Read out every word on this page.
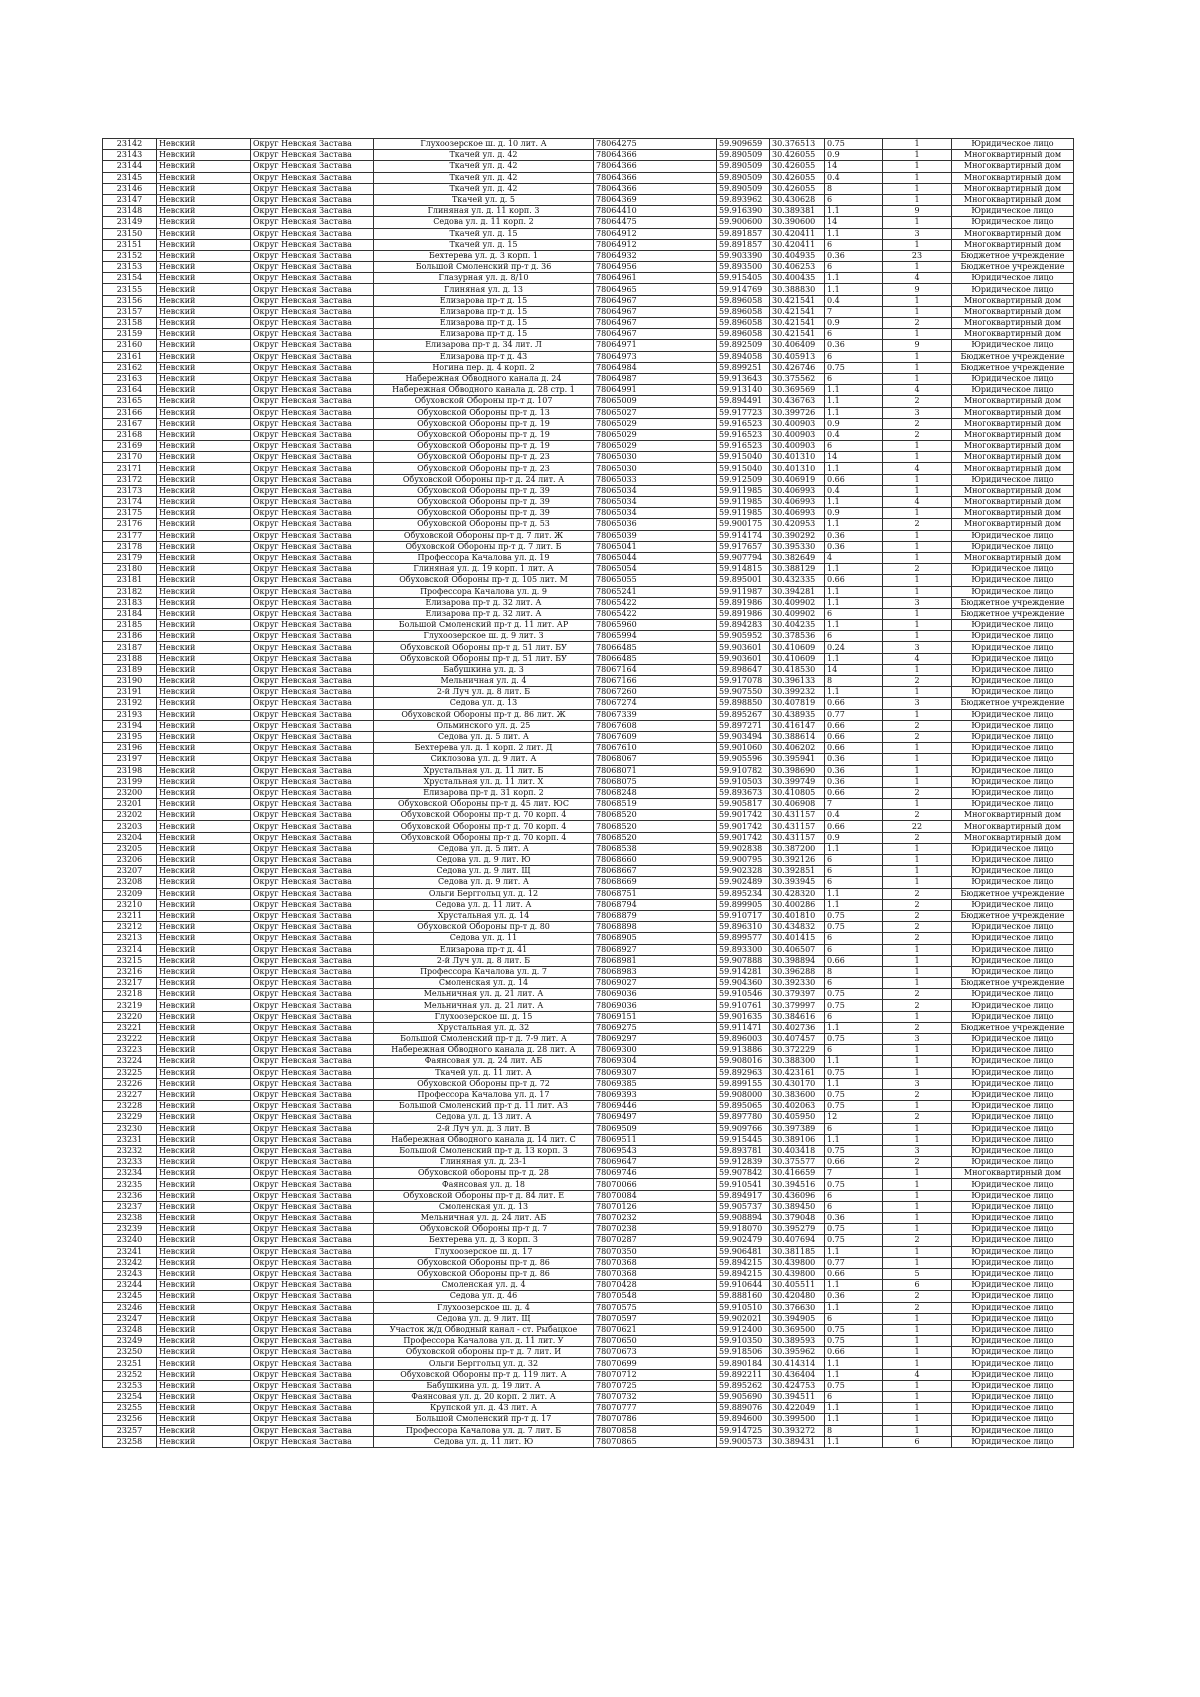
23142	Невский	Округ Невская Застава	Глухоозерское ш. д. 10 лит. А	78064275	59.909659	30.376513	0.75	1	Юридическое лицо
23143	Невский	Округ Невская Застава	Ткачей ул. д. 42	78064366	59.890509	30.426055	0.9	1	Многоквартирный дом
23144	Невский	Округ Невская Застава	Ткачей ул. д. 42	78064366	59.890509	30.426055	14	1	Многоквартирный дом
23145	Невский	Округ Невская Застава	Ткачей ул. д. 42	78064366	59.890509	30.426055	0.4	1	Многоквартирный дом
23146	Невский	Округ Невская Застава	Ткачей ул. д. 42	78064366	59.890509	30.426055	8	1	Многоквартирный дом
23147	Невский	Округ Невская Застава	Ткачей ул. д. 5	78064369	59.893962	30.430628	6	1	Многоквартирный дом
23148	Невский	Округ Невская Застава	Глиняная ул. д. 11 корп. 3	78064410	59.916390	30.389381	1.1	9	Юридическое лицо
23149	Невский	Округ Невская Застава	Седова ул. д. 11 корп. 2	78064475	59.900600	30.390600	14	1	Юридическое лицо
23150	Невский	Округ Невская Застава	Ткачей ул. д. 15	78064912	59.891857	30.420411	1.1	3	Многоквартирный дом
23151	Невский	Округ Невская Застава	Ткачей ул. д. 15	78064912	59.891857	30.420411	6	1	Многоквартирный дом
23152	Невский	Округ Невская Застава	Бехтерева ул. д. 3 корп. 1	78064932	59.903390	30.404935	0.36	23	Бюджетное учреждение
23153	Невский	Округ Невская Застава	Большой Смоленский пр-т д. 36	78064956	59.893500	30.406253	6	1	Бюджетное учреждение
23154	Невский	Округ Невская Застава	Глазурная ул. д. 8/10	78064961	59.915405	30.400435	1.1	4	Юридическое лицо
23155	Невский	Округ Невская Застава	Глиняная ул. д. 13	78064965	59.914769	30.388830	1.1	9	Юридическое лицо
23156	Невский	Округ Невская Застава	Елизарова пр-т д. 15	78064967	59.896058	30.421541	0.4	1	Многоквартирный дом
23157	Невский	Округ Невская Застава	Елизарова пр-т д. 15	78064967	59.896058	30.421541	7	1	Многоквартирный дом
23158	Невский	Округ Невская Застава	Елизарова пр-т д. 15	78064967	59.896058	30.421541	0.9	2	Многоквартирный дом
23159	Невский	Округ Невская Застава	Елизарова пр-т д. 15	78064967	59.896058	30.421541	6	1	Многоквартирный дом
23160	Невский	Округ Невская Застава	Елизарова пр-т д. 34 лит. Л	78064971	59.892509	30.406409	0.36	9	Юридическое лицо
23161	Невский	Округ Невская Застава	Елизарова пр-т д. 43	78064973	59.894058	30.405913	6	1	Бюджетное учреждение
23162	Невский	Округ Невская Застава	Ногина пер. д. 4 корп. 2	78064984	59.899251	30.426746	0.75	1	Бюджетное учреждение
23163	Невский	Округ Невская Застава	Набережная Обводного канала д. 24	78064987	59.913643	30.375562	6	1	Юридическое лицо
23164	Невский	Округ Невская Застава	Набережная Обводного канала д. 28 стр. 1	78064991	59.913140	30.369569	1.1	4	Юридическое лицо
23165	Невский	Округ Невская Застава	Обуховской Обороны пр-т д. 107	78065009	59.894491	30.436763	1.1	2	Многоквартирный дом
23166	Невский	Округ Невская Застава	Обуховской Обороны пр-т д. 13	78065027	59.917723	30.399726	1.1	3	Многоквартирный дом
23167	Невский	Округ Невская Застава	Обуховской Обороны пр-т д. 19	78065029	59.916523	30.400903	0.9	2	Многоквартирный дом
23168	Невский	Округ Невская Застава	Обуховской Обороны пр-т д. 19	78065029	59.916523	30.400903	0.4	2	Многоквартирный дом
23169	Невский	Округ Невская Застава	Обуховской Обороны пр-т д. 19	78065029	59.916523	30.400903	6	1	Многоквартирный дом
23170	Невский	Округ Невская Застава	Обуховской Обороны пр-т д. 23	78065030	59.915040	30.401310	14	1	Многоквартирный дом
23171	Невский	Округ Невская Застава	Обуховской Обороны пр-т д. 23	78065030	59.915040	30.401310	1.1	4	Многоквартирный дом
23172	Невский	Округ Невская Застава	Обуховской Обороны пр-т д. 24 лит. А	78065033	59.912509	30.406919	0.66	1	Юридическое лицо
23173	Невский	Округ Невская Застава	Обуховской Обороны пр-т д. 39	78065034	59.911985	30.406993	0.4	1	Многоквартирный дом
23174	Невский	Округ Невская Застава	Обуховской Обороны пр-т д. 39	78065034	59.911985	30.406993	1.1	4	Многоквартирный дом
23175	Невский	Округ Невская Застава	Обуховской Обороны пр-т д. 39	78065034	59.911985	30.406993	0.9	1	Многоквартирный дом
23176	Невский	Округ Невская Застава	Обуховской Обороны пр-т д. 53	78065036	59.900175	30.420953	1.1	2	Многоквартирный дом
23177	Невский	Округ Невская Застава	Обуховской Обороны пр-т д. 7 лит. Ж	78065039	59.914174	30.390292	0.36	1	Юридическое лицо
23178	Невский	Округ Невская Застава	Обуховской Обороны пр-т д. 7 лит. Б	78065041	59.917657	30.395330	0.36	1	Юридическое лицо
23179	Невский	Округ Невская Застава	Профессора Качалова ул. д. 19	78065044	59.907794	30.382649	4	1	Многоквартирный дом
23180	Невский	Округ Невская Застава	Глиняная ул. д. 19 корп. 1 лит. А	78065054	59.914815	30.388129	1.1	2	Юридическое лицо
23181	Невский	Округ Невская Застава	Обуховской Обороны пр-т д. 105 лит. М	78065055	59.895001	30.432335	0.66	1	Юридическое лицо
23182	Невский	Округ Невская Застава	Профессора Качалова ул. д. 9	78065241	59.911987	30.394281	1.1	1	Юридическое лицо
23183	Невский	Округ Невская Застава	Елизарова пр-т д. 32 лит. А	78065422	59.891986	30.409902	1.1	3	Бюджетное учреждение
23184	Невский	Округ Невская Застава	Елизарова пр-т д. 32 лит. А	78065422	59.891986	30.409902	6	1	Бюджетное учреждение
23185	Невский	Округ Невская Застава	Большой Смоленский пр-т д. 11 лит. АР	78065960	59.894283	30.404235	1.1	1	Юридическое лицо
23186	Невский	Округ Невская Застава	Глухоозерское ш. д. 9 лит. З	78065994	59.905952	30.378536	6	1	Юридическое лицо
23187	Невский	Округ Невская Застава	Обуховской Обороны пр-т д. 51 лит. БУ	78066485	59.903601	30.410609	0.24	3	Юридическое лицо
23188	Невский	Округ Невская Застава	Обуховской Обороны пр-т д. 51 лит. БУ	78066485	59.903601	30.410609	1.1	4	Юридическое лицо
23189	Невский	Округ Невская Застава	Бабушкина ул. д. 3	78067164	59.898647	30.418530	14	1	Юридическое лицо
23190	Невский	Округ Невская Застава	Мельничная ул. д. 4	78067166	59.917078	30.396133	8	2	Юридическое лицо
23191	Невский	Округ Невская Застава	2-й Луч ул. д. 8 лит. Б	78067260	59.907550	30.399232	1.1	1	Юридическое лицо
23192	Невский	Округ Невская Застава	Седова ул. д. 13	78067274	59.898850	30.407819	0.66	3	Бюджетное учреждение
23193	Невский	Округ Невская Застава	Обуховской Обороны пр-т д. 86 лит. Ж	78067339	59.895267	30.438935	0.77	1	Юридическое лицо
23194	Невский	Округ Невская Застава	Ольминского ул. д. 25	78067608	59.897271	30.416147	0.66	2	Юридическое лицо
23195	Невский	Округ Невская Застава	Седова ул. д. 5 лит. А	78067609	59.903494	30.388614	0.66	2	Юридическое лицо
23196	Невский	Округ Невская Застава	Бехтерева ул. д. 1 корп. 2 лит. Д	78067610	59.901060	30.406202	0.66	1	Юридическое лицо
23197	Невский	Округ Невская Застава	Сиклозова ул. д. 9 лит. А	78068067	59.905596	30.395941	0.36	1	Юридическое лицо
23198	Невский	Округ Невская Застава	Хрустальная ул. д. 11 лит. Б	78068071	59.910782	30.398690	0.36	1	Юридическое лицо
23199	Невский	Округ Невская Застава	Хрустальная ул. д. 11 лит. Х	78068075	59.910503	30.399749	0.36	1	Юридическое лицо
23200	Невский	Округ Невская Застава	Елизарова пр-т д. 31 корп. 2	78068248	59.893673	30.410805	0.66	2	Юридическое лицо
23201	Невский	Округ Невская Застава	Обуховской Обороны пр-т д. 45 лит. ЮС	78068519	59.905817	30.406908	7	1	Юридическое лицо
23202	Невский	Округ Невская Застава	Обуховской Обороны пр-т д. 70 корп. 4	78068520	59.901742	30.431157	0.4	2	Многоквартирный дом
23203	Невский	Округ Невская Застава	Обуховской Обороны пр-т д. 70 корп. 4	78068520	59.901742	30.431157	0.66	22	Многоквартирный дом
23204	Невский	Округ Невская Застава	Обуховской Обороны пр-т д. 70 корп. 4	78068520	59.901742	30.431157	0.9	2	Многоквартирный дом
23205	Невский	Округ Невская Застава	Седова ул. д. 5 лит. А	78068538	59.902838	30.387200	1.1	1	Юридическое лицо
23206	Невский	Округ Невская Застава	Седова ул. д. 9 лит. Ю	78068660	59.900795	30.392126	6	1	Юридическое лицо
23207	Невский	Округ Невская Застава	Седова ул. д. 9 лит. Щ	78068667	59.902328	30.392851	6	1	Юридическое лицо
23208	Невский	Округ Невская Застава	Седова ул. д. 9 лит. А	78068669	59.902489	30.393945	6	1	Юридическое лицо
23209	Невский	Округ Невская Застава	Ольги Берггольц ул. д. 12	78068751	59.895234	30.428320	1.1	2	Бюджетное учреждение
23210	Невский	Округ Невская Застава	Седова ул. д. 11 лит. А	78068794	59.899905	30.400286	1.1	2	Юридическое лицо
23211	Невский	Округ Невская Застава	Хрустальная ул. д. 14	78068879	59.910717	30.401810	0.75	2	Бюджетное учреждение
23212	Невский	Округ Невская Застава	Обуховской Обороны пр-т д. 80	78068898	59.896310	30.434832	0.75	2	Юридическое лицо
23213	Невский	Округ Невская Застава	Седова ул. д. 11	78068905	59.899577	30.401415	6	2	Юридическое лицо
23214	Невский	Округ Невская Застава	Елизарова пр-т д. 41	78068927	59.893300	30.406507	6	1	Юридическое лицо
23215	Невский	Округ Невская Застава	2-й Луч ул. д. 8 лит. Б	78068981	59.907888	30.398894	0.66	1	Юридическое лицо
23216	Невский	Округ Невская Застава	Профессора Качалова ул. д. 7	78068983	59.914281	30.396288	8	1	Юридическое лицо
23217	Невский	Округ Невская Застава	Смоленская ул. д. 14	78069027	59.904360	30.392330	6	1	Бюджетное учреждение
23218	Невский	Округ Невская Застава	Мельничная ул. д. 21 лит. А	78069036	59.910546	30.379397	0.75	2	Юридическое лицо
23219	Невский	Округ Невская Застава	Мельничная ул. д. 21 лит. А	78069036	59.910761	30.379997	0.75	2	Юридическое лицо
23220	Невский	Округ Невская Застава	Глухоозерское ш. д. 15	78069151	59.901635	30.384616	6	1	Юридическое лицо
23221	Невский	Округ Невская Застава	Хрустальная ул. д. 32	78069275	59.911471	30.402736	1.1	2	Бюджетное учреждение
23222	Невский	Округ Невская Застава	Большой Смоленский пр-т д. 7-9 лит. А	78069297	59.896003	30.407457	0.75	3	Юридическое лицо
23223	Невский	Округ Невская Застава	Набережная Обводного канала д. 28 лит. А	78069300	59.913886	30.372229	6	1	Юридическое лицо
23224	Невский	Округ Невская Застава	Фаянсовая ул. д. 24 лит. АБ	78069304	59.908016	30.388300	1.1	1	Юридическое лицо
23225	Невский	Округ Невская Застава	Ткачей ул. д. 11 лит. А	78069307	59.892963	30.423161	0.75	1	Юридическое лицо
23226	Невский	Округ Невская Застава	Обуховской Обороны пр-т д. 72	78069385	59.899155	30.430170	1.1	3	Юридическое лицо
23227	Невский	Округ Невская Застава	Профессора Качалова ул. д. 17	78069393	59.908000	30.383600	0.75	2	Юридическое лицо
23228	Невский	Округ Невская Застава	Большой Смоленский пр-т д. 11 лит. АЗ	78069446	59.895065	30.402063	0.75	1	Юридическое лицо
23229	Невский	Округ Невская Застава	Седова ул. д. 13 лит. А	78069497	59.897780	30.405950	12	2	Юридическое лицо
23230	Невский	Округ Невская Застава	2-й Луч ул. д. 3 лит. В	78069509	59.909766	30.397389	6	1	Юридическое лицо
23231	Невский	Округ Невская Застава	Набережная Обводного канала д. 14 лит. С	78069511	59.915445	30.389106	1.1	1	Юридическое лицо
23232	Невский	Округ Невская Застава	Большой Смоленский пр-т д. 13 корп. 3	78069543	59.893781	30.403418	0.75	3	Юридическое лицо
23233	Невский	Округ Невская Застава	Глиняная ул. д. 23-1	78069647	59.912839	30.375577	0.66	2	Юридическое лицо
23234	Невский	Округ Невская Застава	Обуховской обороны пр-т д. 28	78069746	59.907842	30.416659	7	1	Многоквартирный дом
23235	Невский	Округ Невская Застава	Фаянсовая ул. д. 18	78070066	59.910541	30.394516	0.75	1	Юридическое лицо
23236	Невский	Округ Невская Застава	Обуховской Обороны пр-т д. 84 лит. Е	78070084	59.894917	30.436096	6	1	Юридическое лицо
23237	Невский	Округ Невская Застава	Смоленская ул. д. 13	78070126	59.905737	30.389450	6	1	Юридическое лицо
23238	Невский	Округ Невская Застава	Мельничная ул. д. 24 лит. АБ	78070232	59.908894	30.379048	0.36	1	Юридическое лицо
23239	Невский	Округ Невская Застава	Обуховской Обороны пр-т д. 7	78070238	59.918070	30.395279	0.75	1	Юридическое лицо
23240	Невский	Округ Невская Застава	Бехтерева ул. д. 3 корп. 3	78070287	59.902479	30.407694	0.75	2	Юридическое лицо
23241	Невский	Округ Невская Застава	Глухоозерское ш. д. 17	78070350	59.906481	30.381185	1.1	1	Юридическое лицо
23242	Невский	Округ Невская Застава	Обуховской Обороны пр-т д. 86	78070368	59.894215	30.439800	0.77	1	Юридическое лицо
23243	Невский	Округ Невская Застава	Обуховской Обороны пр-т д. 86	78070368	59.894215	30.439800	0.66	5	Юридическое лицо
23244	Невский	Округ Невская Застава	Смоленская ул. д. 4	78070428	59.910644	30.405511	1.1	6	Юридическое лицо
23245	Невский	Округ Невская Застава	Седова ул. д. 46	78070548	59.888160	30.420480	0.36	2	Юридическое лицо
23246	Невский	Округ Невская Застава	Глухоозерское ш. д. 4	78070575	59.910510	30.376630	1.1	2	Юридическое лицо
23247	Невский	Округ Невская Застава	Седова ул. д. 9 лит. Щ	78070597	59.902021	30.394905	6	1	Юридическое лицо
23248	Невский	Округ Невская Застава	Участок ж/д Обводный канал - ст. Рыбацкое	78070621	59.912400	30.369500	0.75	1	Юридическое лицо
23249	Невский	Округ Невская Застава	Профессора Качалова ул. д. 11 лит. У	78070650	59.910350	30.389593	0.75	1	Юридическое лицо
23250	Невский	Округ Невская Застава	Обуховской обороны пр-т д. 7 лит. И	78070673	59.918506	30.395962	0.66	1	Юридическое лицо
23251	Невский	Округ Невская Застава	Ольги Берггольц ул. д. 32	78070699	59.890184	30.414314	1.1	1	Юридическое лицо
23252	Невский	Округ Невская Застава	Обуховской Обороны пр-т д. 119 лит. А	78070712	59.892211	30.436404	1.1	4	Юридическое лицо
23253	Невский	Округ Невская Застава	Бабушкина ул. д. 19 лит. А	78070725	59.895262	30.424753	0.75	1	Юридическое лицо
23254	Невский	Округ Невская Застава	Фаянсовая ул. д. 20 корп. 2 лит. А	78070732	59.905690	30.394511	6	1	Юридическое лицо
23255	Невский	Округ Невская Застава	Крупской ул. д. 43 лит. А	78070777	59.889076	30.422049	1.1	1	Юридическое лицо
23256	Невский	Округ Невская Застава	Большой Смоленский пр-т д. 17	78070786	59.894600	30.399500	1.1	1	Юридическое лицо
23257	Невский	Округ Невская Застава	Профессора Качалова ул. д. 7 лит. Б	78070858	59.914725	30.393272	8	1	Юридическое лицо
23258	Невский	Округ Невская Застава	Седова ул. д. 11 лит. Ю	78070865	59.900573	30.389431	1.1	6	Юридическое лицо
